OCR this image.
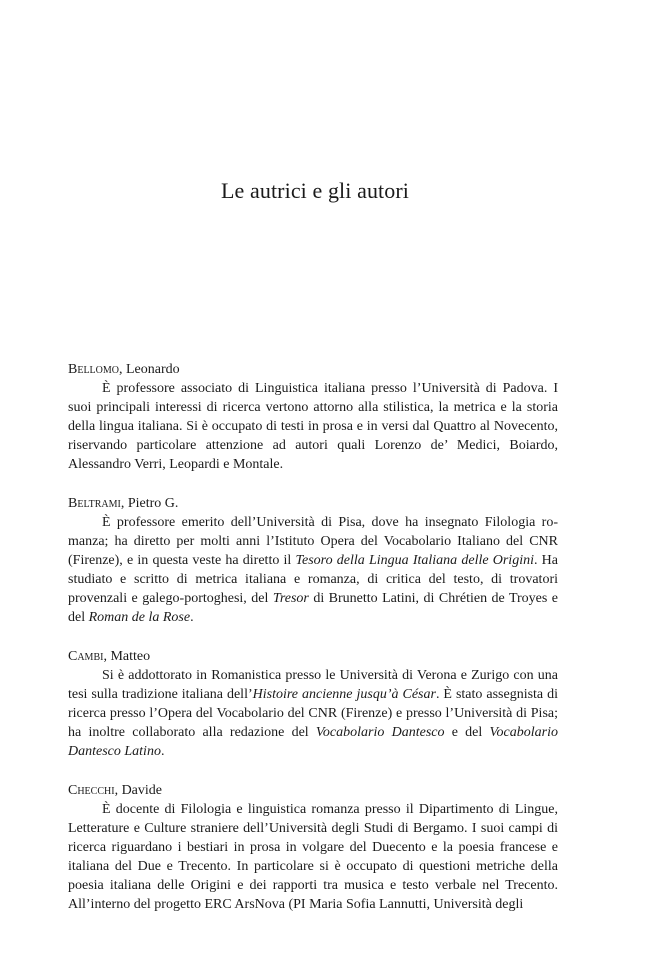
Le autrici e gli autori
Bellomo, Leonardo
È professore associato di Linguistica italiana presso l’Università di Padova. I suoi principali interessi di ricerca vertono attorno alla stilistica, la metrica e la storia della lingua italiana. Si è occupato di testi in prosa e in versi dal Quattro al Novecento, riservando particolare attenzione ad autori quali Lorenzo de’ Medici, Boiardo, Alessandro Verri, Leopardi e Montale.
Beltrami, Pietro G.
È professore emerito dell’Università di Pisa, dove ha insegnato Filologia romanza; ha diretto per molti anni l’Istituto Opera del Vocabolario Italiano del CNR (Firenze), e in questa veste ha diretto il Tesoro della Lingua Italiana delle Origini. Ha studiato e scritto di metrica italiana e romanza, di critica del testo, di trovatori provenzali e galego-portoghesi, del Tresor di Brunetto Latini, di Chrétien de Troyes e del Roman de la Rose.
Cambi, Matteo
Si è addottorato in Romanistica presso le Università di Verona e Zurigo con una tesi sulla tradizione italiana dell’Histoire ancienne jusqu’à César. È stato assegnista di ricerca presso l’Opera del Vocabolario del CNR (Firenze) e presso l’Università di Pisa; ha inoltre collaborato alla redazione del Vocabolario Dantesco e del Vocabolario Dantesco Latino.
Checchi, Davide
È docente di Filologia e linguistica romanza presso il Dipartimento di Lingue, Letterature e Culture straniere dell’Università degli Studi di Bergamo. I suoi campi di ricerca riguardano i bestiari in prosa in volgare del Duecento e la poesia francese e italiana del Due e Trecento. In particolare si è occupato di questioni metriche della poesia italiana delle Origini e dei rapporti tra musica e testo verbale nel Trecento. All’interno del progetto ERC ArsNova (PI Maria Sofia Lannutti, Università degli
